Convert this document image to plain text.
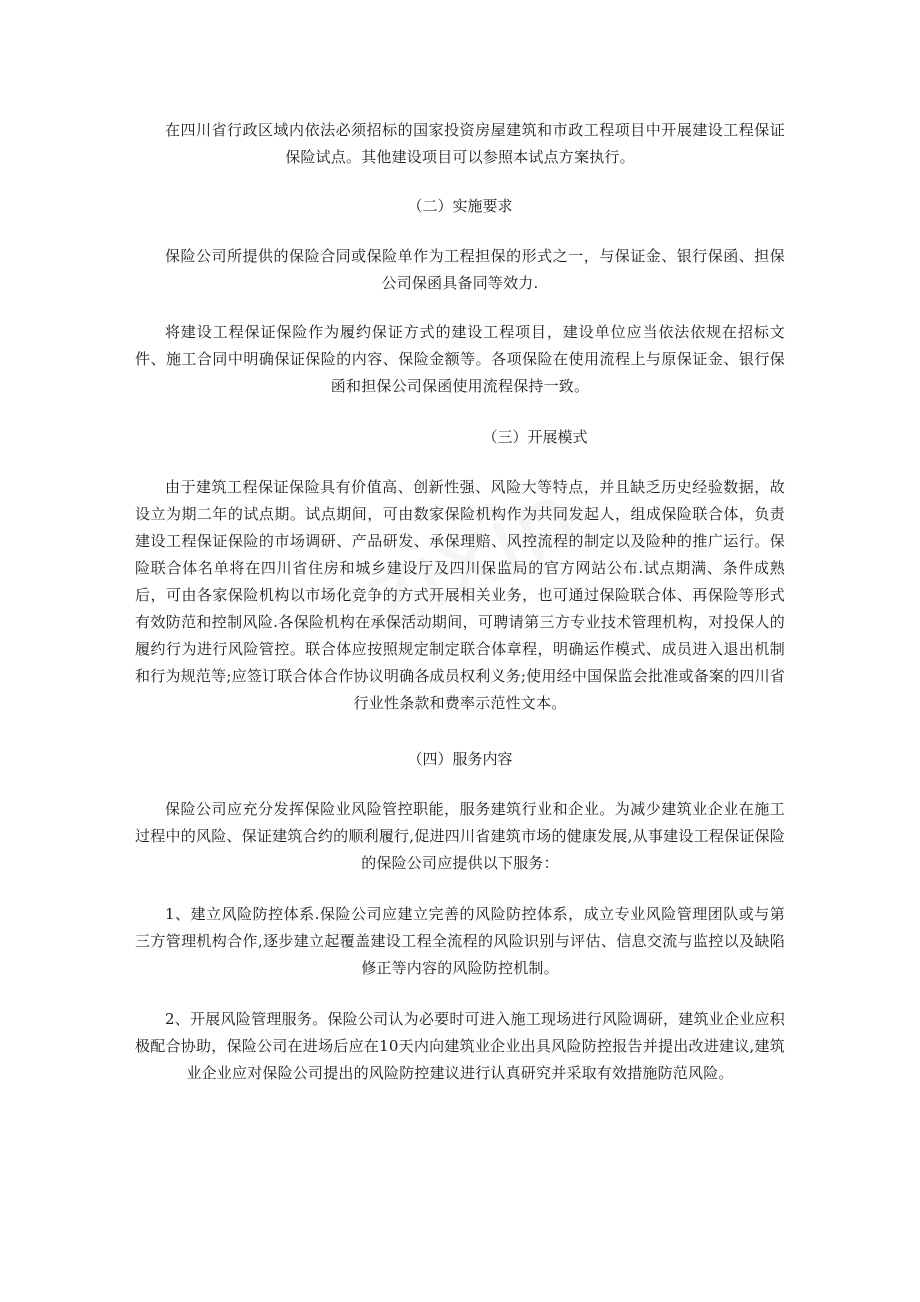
在四川省行政区域内依法必须招标的国家投资房屋建筑和市政工程项目中开展建设工程保证保险试点。其他建设项目可以参照本试点方案执行。

（二）实施要求

保险公司所提供的保险合同或保险单作为工程担保的形式之一，与保证金、银行保函、担保公司保函具备同等效力.

将建设工程保证保险作为履约保证方式的建设工程项目，建设单位应当依法依规在招标文件、施工合同中明确保证保险的内容、保险金额等。各项保险在使用流程上与原保证金、银行保函和担保公司保函使用流程保持一致。

（三）开展模式

由于建筑工程保证保险具有价值高、创新性强、风险大等特点，并且缺乏历史经验数据，故设立为期二年的试点期。试点期间，可由数家保险机构作为共同发起人，组成保险联合体，负责建设工程保证保险的市场调研、产品研发、承保理赔、风控流程的制定以及险种的推广运行。保险联合体名单将在四川省住房和城乡建设厅及四川保监局的官方网站公布.试点期满、条件成熟后，可由各家保险机构以市场化竞争的方式开展相关业务，也可通过保险联合体、再保险等形式有效防范和控制风险.各保险机构在承保活动期间，可聘请第三方专业技术管理机构，对投保人的履约行为进行风险管控。联合体应按照规定制定联合体章程，明确运作模式、成员进入退出机制和行为规范等;应签订联合体合作协议明确各成员权利义务;使用经中国保监会批准或备案的四川省行业性条款和费率示范性文本。

（四）服务内容

保险公司应充分发挥保险业风险管控职能，服务建筑行业和企业。为减少建筑业企业在施工过程中的风险、保证建筑合约的顺利履行,促进四川省建筑市场的健康发展,从事建设工程保证保险的保险公司应提供以下服务：

1、建立风险防控体系.保险公司应建立完善的风险防控体系，成立专业风险管理团队或与第三方管理机构合作,逐步建立起覆盖建设工程全流程的风险识别与评估、信息交流与监控以及缺陷修正等内容的风险防控机制。

2、开展风险管理服务。保险公司认为必要时可进入施工现场进行风险调研，建筑业企业应积极配合协助，保险公司在进场后应在10天内向建筑业企业出具风险防控报告并提出改进建议,建筑业企业应对保险公司提出的风险防控建议进行认真研究并采取有效措施防范风险。
